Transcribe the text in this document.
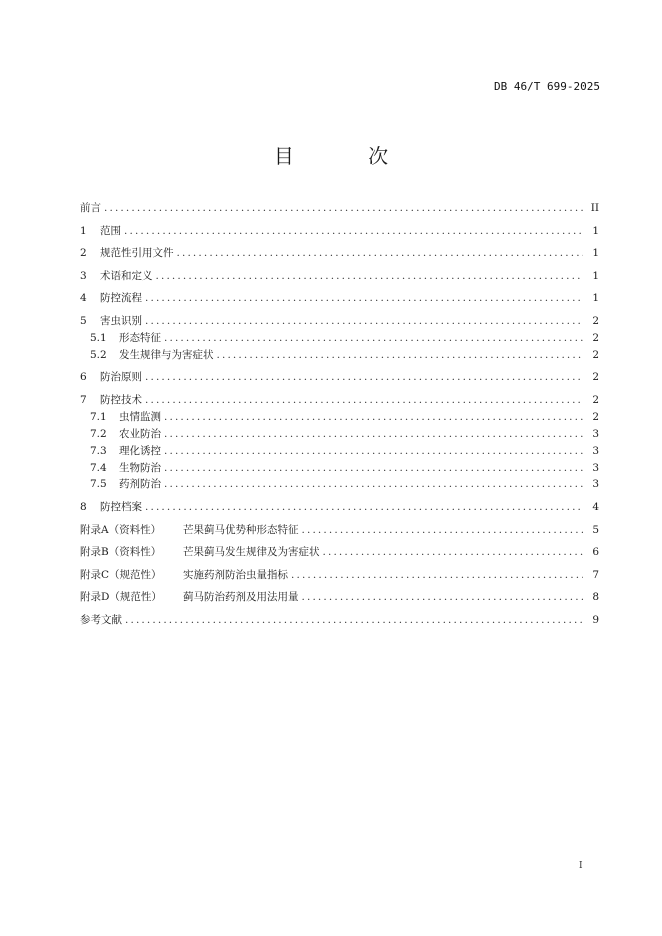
DB 46/T 699-2025
目 次
前言 . . .	II
1	范围 . . .	1
2	规范性引用文件 . . .	1
3	术语和定义 . . .	1
4	防控流程 . . .	1
5	害虫识别 . . .	2
5.1	形态特征 . . .	2
5.2	发生规律与为害症状 . . .	2
6	防治原则 . . .	2
7	防控技术 . . .	2
7.1	虫情监测 . . .	2
7.2	农业防治 . . .	3
7.3	理化诱控 . . .	3
7.4	生物防治 . . .	3
7.5	药剂防治 . . .	3
8	防控档案 . . .	4
附录A（资料性）	芒果蓟马优势种形态特征 . . .	5
附录B（资料性）	芒果蓟马发生规律及为害症状 . . .	6
附录C（规范性）	实施药剂防治虫量指标 . . .	7
附录D（规范性）	蓟马防治药剂及用法用量 . . .	8
参考文献 . . .	9
I
